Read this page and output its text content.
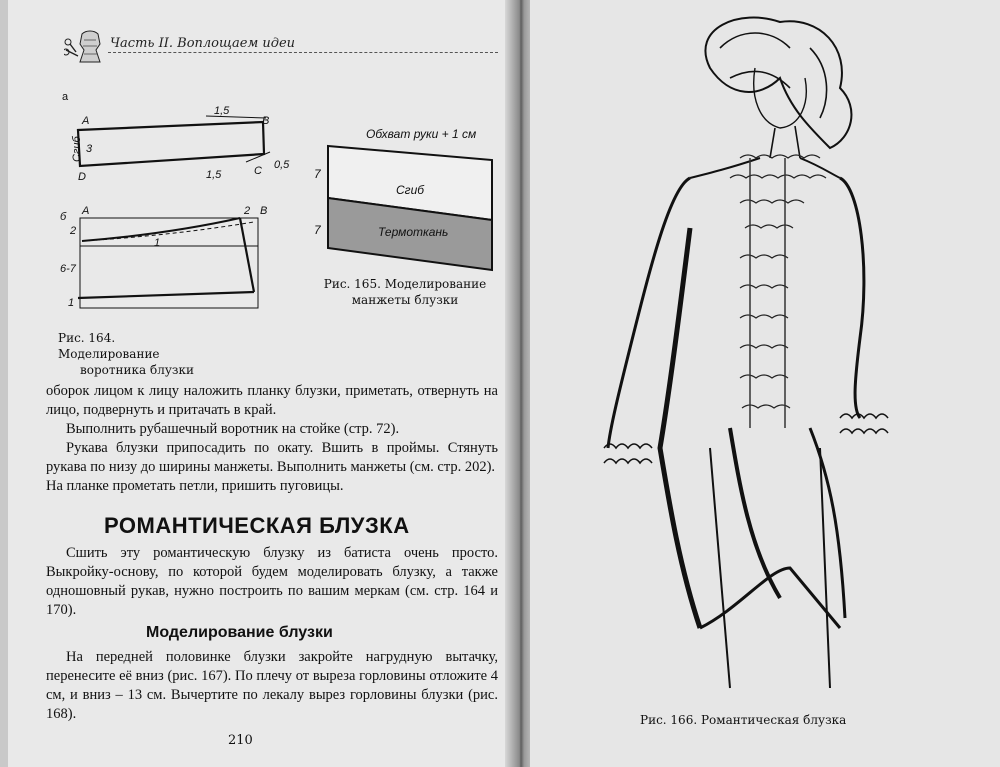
Часть II. Воплощаем идеи
а
A	B
C
D
Сгиб 3
1,5
1,5
0,5
б A	B
2
2
1
6-7
1
Рис. 164. Моделирование
воротника блузки
Обхват руки + 1 см
Сгиб
Термоткань
7
7
Рис. 165. Моделирование
манжеты блузки

оборок лицом к лицу наложить планку блузки, приметать, отвернуть на лицо, подвернуть и притачать в край.

Выполнить рубашечный воротник на стойке (стр. 72).

Рукава блузки припосадить по окату. Вшить в проймы. Стянуть рукава по низу до ширины манжеты. Выполнить манжеты (см. стр. 202).

На планке прометать петли, пришить пуговицы.

РОМАНТИЧЕСКАЯ БЛУЗКА

Сшить эту романтическую блузку из батиста очень просто. Выкройку-основу, по которой будем моделировать блузку, а также одношовный рукав, нужно построить по вашим меркам (см. стр. 164 и 170).

Моделирование блузки

На передней половинке блузки закройте нагрудную вытачку, перенесите её вниз (рис. 167). По плечу от выреза горловины отложите 4 см, и вниз – 13 см. Вычертите по лекалу вырез горловины блузки (рис. 168).

210
Рис. 166. Романтическая блузка
